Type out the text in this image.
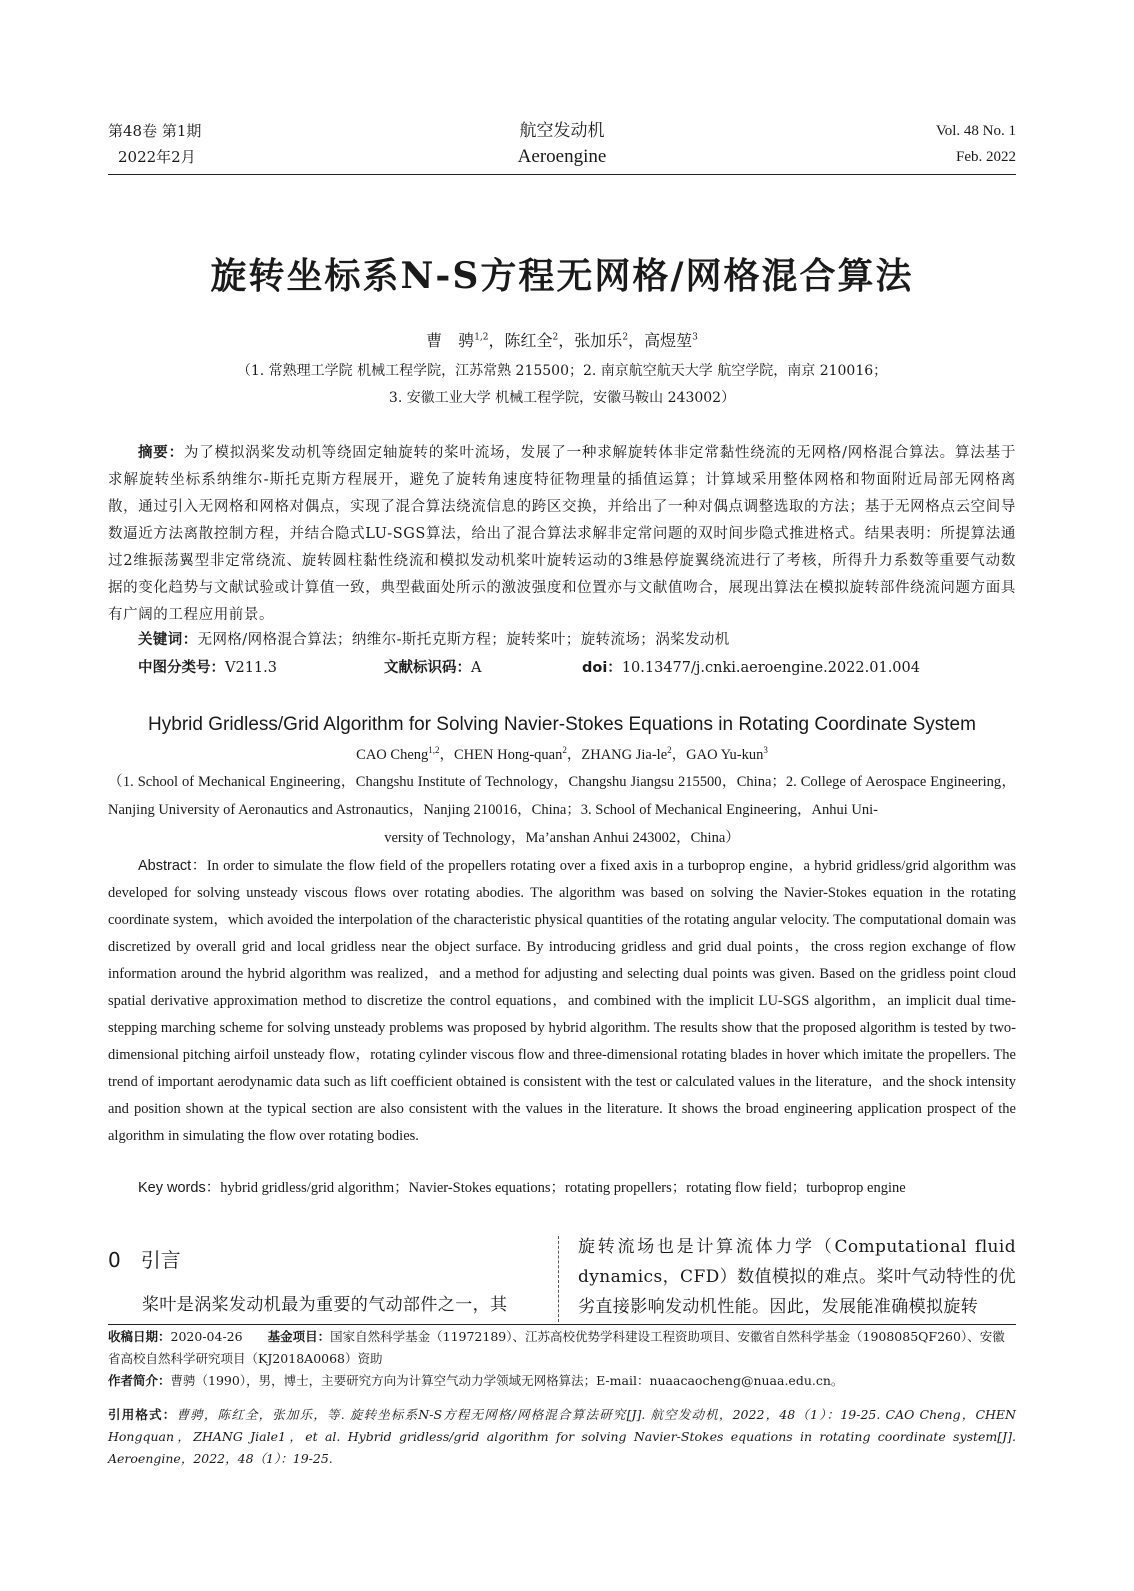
第48卷 第1期
2022年2月
航空发动机
Aeroengine
Vol. 48 No. 1
Feb. 2022
旋转坐标系N-S方程无网格/网格混合算法
曹　骋$^{1,2}$，陈红全$^2$，张加乐$^2$，高煜堃$^3$
（1. 常熟理工学院 机械工程学院，江苏常熟 215500；2. 南京航空航天大学 航空学院，南京 210016；
3. 安徽工业大学 机械工程学院，安徽马鞍山 243002）
摘要：为了模拟涡桨发动机等绕固定轴旋转的桨叶流场，发展了一种求解旋转体非定常黏性绕流的无网格/网格混合算法。算法基于求解旋转坐标系纳维尔-斯托克斯方程展开，避免了旋转角速度特征物理量的插值运算；计算域采用整体网格和物面附近局部无网格离散，通过引入无网格和网格对偶点，实现了混合算法绕流信息的跨区交换，并给出了一种对偶点调整选取的方法；基于无网格点云空间导数逼近方法离散控制方程，并结合隐式LU-SGS算法，给出了混合算法求解非定常问题的双时间步隐式推进格式。结果表明：所提算法通过2维振荡翼型非定常绕流、旋转圆柱黏性绕流和模拟发动机桨叶旋转运动的3维悬停旋翼绕流进行了考核，所得升力系数等重要气动数据的变化趋势与文献试验或计算值一致，典型截面处所示的激波强度和位置亦与文献值吻合，展现出算法在模拟旋转部件绕流问题方面具有广阔的工程应用前景。
关键词：无网格/网格混合算法；纳维尔-斯托克斯方程；旋转桨叶；旋转流场；涡桨发动机
中图分类号：V211.3	文献标识码：A	doi：10.13477/j.cnki.aeroengine.2022.01.004
Hybrid Gridless/Grid Algorithm for Solving Navier-Stokes Equations in Rotating Coordinate System
CAO Cheng$^{1,2}$，CHEN Hong-quan$^2$，ZHANG Jia-$le^2$，GAO Yu-kun$^3$
（1. School of Mechanical Engineering，Changshu Institute of Technology，Changshu Jiangsu 215500，China；2. College of Aerospace Engineering，Nanjing University of Aeronautics and Astronautics，Nanjing 210016，China；3. School of Mechanical Engineering，Anhui Uni-
versity of Technology，Ma’anshan Anhui 243002，China）
Abstract：In order to simulate the flow field of the propellers rotating over a fixed axis in a turboprop engine，a hybrid gridless/grid algorithm was developed for solving unsteady viscous flows over rotating abodies. The algorithm was based on solving the Navier-Stokes equation in the rotating coordinate system，which avoided the interpolation of the characteristic physical quantities of the rotating angular velocity. The computational domain was discretized by overall grid and local gridless near the object surface. By introducing gridless and grid dual points，the cross region exchange of flow information around the hybrid algorithm was realized，and a method for adjusting and selecting dual points was given. Based on the gridless point cloud spatial derivative approximation method to discretize the control equations，and combined with the implicit LU-SGS algorithm，an implicit dual time-stepping marching scheme for solving unsteady problems was proposed by hybrid algorithm. The results show that the proposed algorithm is tested by two-dimensional pitching airfoil unsteady flow，rotating cylinder viscous flow and three-dimensional rotating blades in hover which imitate the propellers. The trend of important aerodynamic data such as lift coefficient obtained is consistent with the test or calculated values in the literature，and the shock intensity and position shown at the typical section are also consistent with the values in the literature. It shows the broad engineering application prospect of the algorithm in simulating the flow over rotating bodies.
Key words：hybrid gridless/grid algorithm；Navier-Stokes equations；rotating propellers；rotating flow field；turboprop engine
0　引言
桨叶是涡桨发动机最为重要的气动部件之一，其
旋转流场也是计算流体力学（Computational fluid dynamics，CFD）数值模拟的难点。桨叶气动特性的优劣直接影响发动机性能。因此，发展能准确模拟旋转
收稿日期：2020-04-26　　 基金项目：国家自然科学基金（11972189）、江苏高校优势学科建设工程资助项目、安徽省自然科学基金（1908085QF260）、安徽省高校自然科学研究项目（KJ2018A0068）资助
作者简介：曹骋（1990），男，博士，主要研究方向为计算空气动力学领域无网格算法；E-mail：nuaacaocheng@nuaa.edu.cn。
引用格式：曹骋，陈红全，张加乐，等. 旋转坐标系N-S方程无网格/网格混合算法研究[J]. 航空发动机，2022，48（1）：19-25. CAO Cheng，CHEN Hongquan，ZHANG Jiale1，et al. Hybrid gridless/grid algorithm for solving Navier-Stokes equations in rotating coordinate system[J]. Aeroengine，2022，48（1）：19-25.
